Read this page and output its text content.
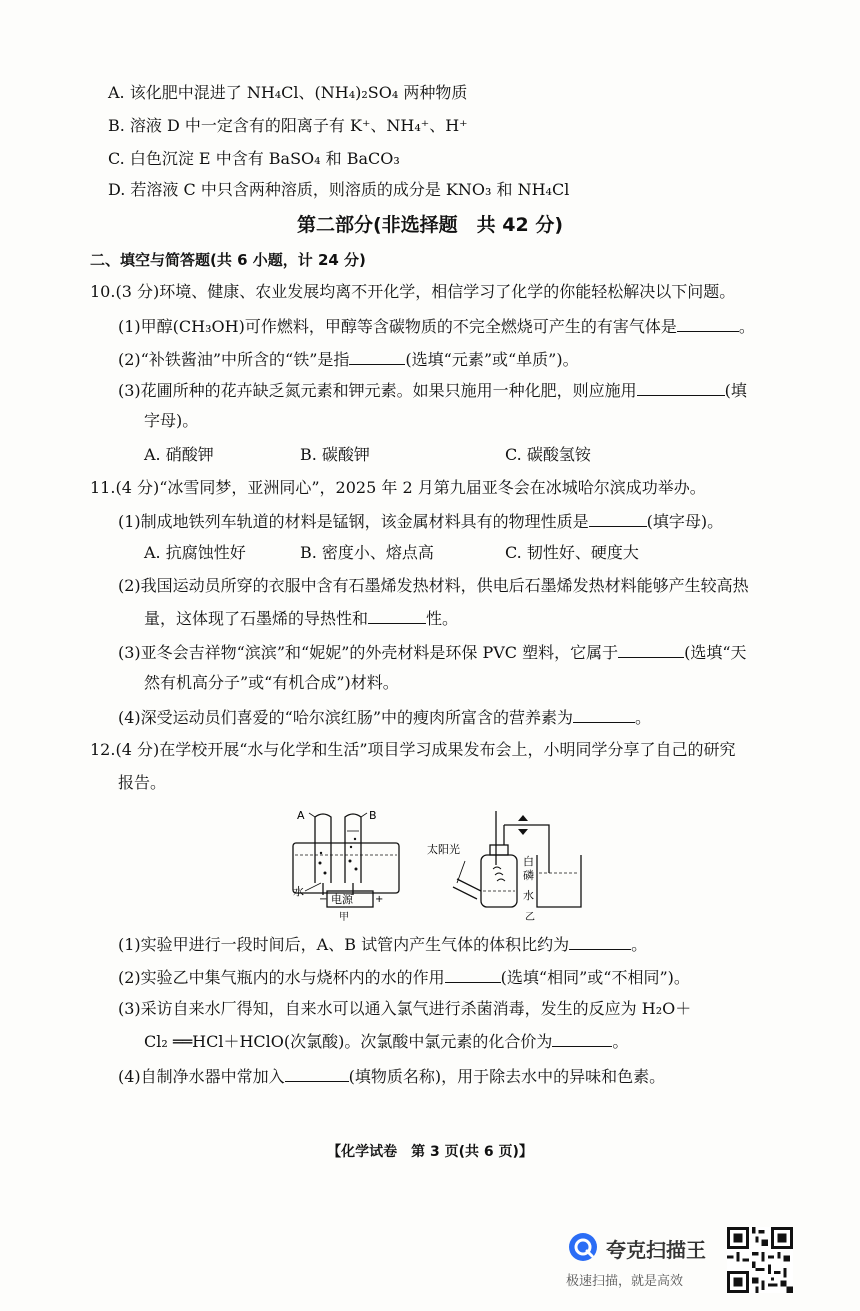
A. 该化肥中混进了 NH₄Cl、(NH₄)₂SO₄ 两种物质
B. 溶液 D 中一定含有的阳离子有 K⁺、NH₄⁺、H⁺
C. 白色沉淀 E 中含有 BaSO₄ 和 BaCO₃
D. 若溶液 C 中只含两种溶质，则溶质的成分是 KNO₃ 和 NH₄Cl
第二部分(非选择题　共 42 分)
二、填空与简答题(共 6 小题，计 24 分)
10.(3 分)环境、健康、农业发展均离不开化学，相信学习了化学的你能轻松解决以下问题。
(1)甲醇(CH₃OH)可作燃料，甲醇等含碳物质的不完全燃烧可产生的有害气体是	。
(2)“补铁酱油”中所含的“铁”是指	(选填“元素”或“单质”)。
(3)花圃所种的花卉缺乏氮元素和钾元素。如果只施用一种化肥，则应施用	(填
字母)。
A. 硝酸钾	B. 碳酸钾	C. 碳酸氢铵
11.(4 分)“冰雪同梦，亚洲同心”，2025 年 2 月第九届亚冬会在冰城哈尔滨成功举办。
(1)制成地铁列车轨道的材料是锰钢，该金属材料具有的物理性质是	(填字母)。
A. 抗腐蚀性好	B. 密度小、熔点高	C. 韧性好、硬度大
(2)我国运动员所穿的衣服中含有石墨烯发热材料，供电后石墨烯发热材料能够产生较高热
量，这体现了石墨烯的导热性和	性。
(3)亚冬会吉祥物“滨滨”和“妮妮”的外壳材料是环保 PVC 塑料，它属于	(选填“天
然有机高分子”或“有机合成”)材料。
(4)深受运动员们喜爱的“哈尔滨红肠”中的瘦肉所富含的营养素为	。
12.(4 分)在学校开展“水与化学和生活”项目学习成果发布会上，小明同学分享了自己的研究
报告。
A	B
水
电源
−	+
甲
太阳光
白
磷
水
乙
(1)实验甲进行一段时间后，A、B 试管内产生气体的体积比约为	。
(2)实验乙中集气瓶内的水与烧杯内的水的作用	(选填“相同”或“不相同”)。
(3)采访自来水厂得知，自来水可以通入氯气进行杀菌消毒，发生的反应为 H₂O＋
Cl₂ ══HCl＋HClO(次氯酸)。次氯酸中氯元素的化合价为	。
(4)自制净水器中常加入	(填物质名称)，用于除去水中的异味和色素。
【化学试卷　第 3 页(共 6 页)】
夸克扫描王
极速扫描，就是高效
